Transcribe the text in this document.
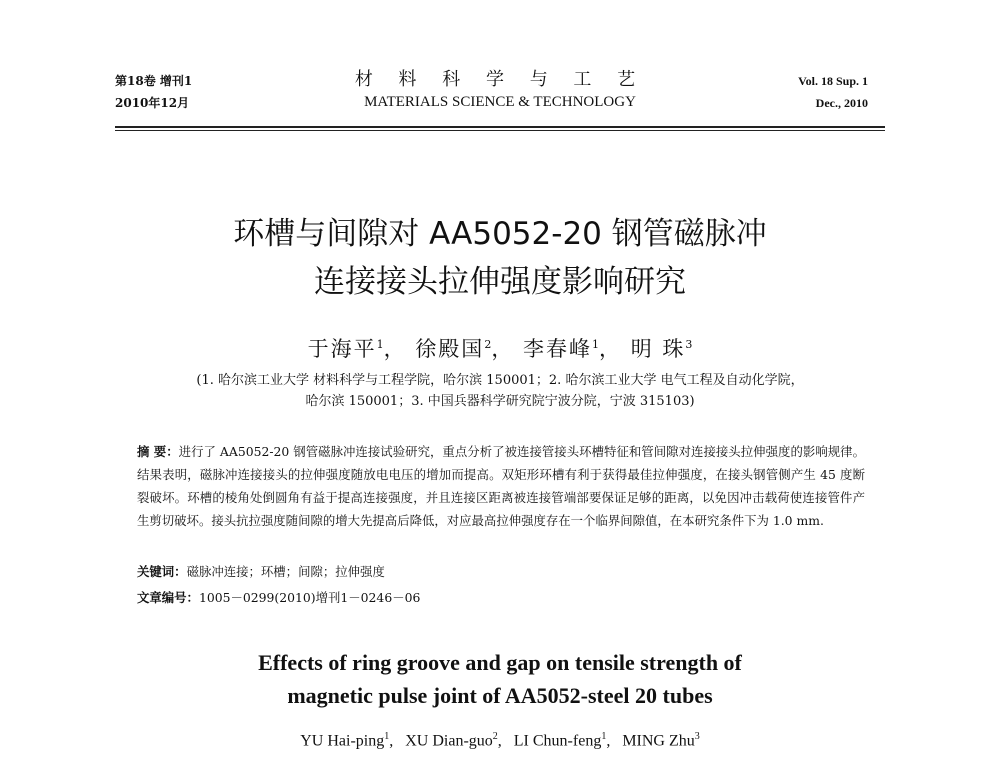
第18卷 增刊1
2010年12月
材 料 科 学 与 工 艺
MATERIALS SCIENCE & TECHNOLOGY
Vol. 18 Sup. 1
Dec., 2010
环槽与间隙对 AA5052-20 钢管磁脉冲
连接接头拉伸强度影响研究
于海平$^1$， 徐殿国$^2$， 李春峰$^1$， 明 珠$^3$
(1. 哈尔滨工业大学 材料科学与工程学院，哈尔滨 150001；2. 哈尔滨工业大学 电气工程及自动化学院，
哈尔滨 150001；3. 中国兵器科学研究院宁波分院，宁波 315103)
摘 要：进行了 AA5052-20 钢管磁脉冲连接试验研究，重点分析了被连接管接头环槽特征和管间隙对连接接头拉伸强度的影响规律。结果表明，磁脉冲连接接头的拉伸强度随放电电压的增加而提高。双矩形环槽有利于获得最佳拉伸强度，在接头钢管侧产生 45 度断裂破坏。环槽的棱角处倒圆角有益于提高连接强度，并且连接区距离被连接管端部要保证足够的距离，以免因冲击载荷使连接管件产生剪切破坏。接头抗拉强度随间隙的增大先提高后降低，对应最高拉伸强度存在一个临界间隙值，在本研究条件下为 1.0 mm.
关键词：磁脉冲连接；环槽；间隙；拉伸强度
文章编号：1005－0299(2010)增刊1－0246－06
Effects of ring groove and gap on tensile strength of
magnetic pulse joint of AA5052-steel 20 tubes
YU Hai-ping$^1$,   XU Dian-guo$^2$,   LI Chun-feng$^1$,   MING Zhu$^3$
